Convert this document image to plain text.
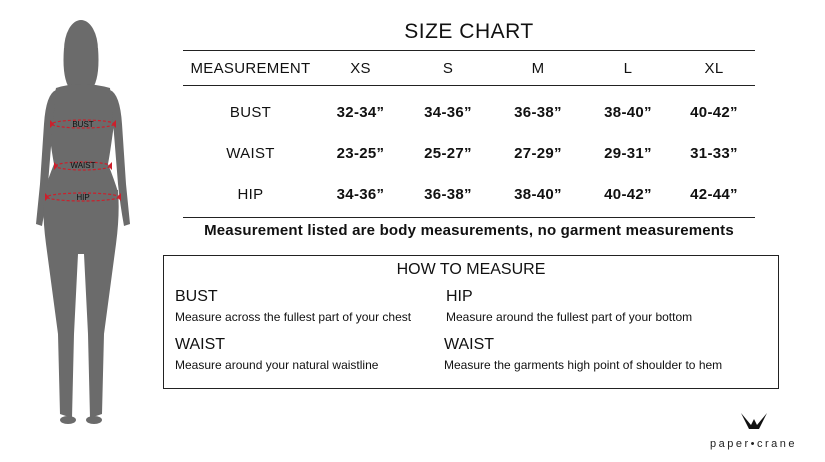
BUST
WAIST
HIP
SIZE CHART
MEASUREMENT	XS	S	M	L	XL
BUST	32-34”	34-36”	36-38”	38-40”	40-42”
WAIST	23-25”	25-27”	27-29”	29-31”	31-33”
HIP	34-36”	36-38”	38-40”	40-42”	42-44”
Measurement listed are body measurements, no garment measurements
HOW TO MEASURE
BUST
Measure across the fullest part of your chest
HIP
Measure around the fullest part of your bottom
WAIST
Measure around your natural waistline
WAIST
Measure the garments high point of shoulder to hem
paper•crane
